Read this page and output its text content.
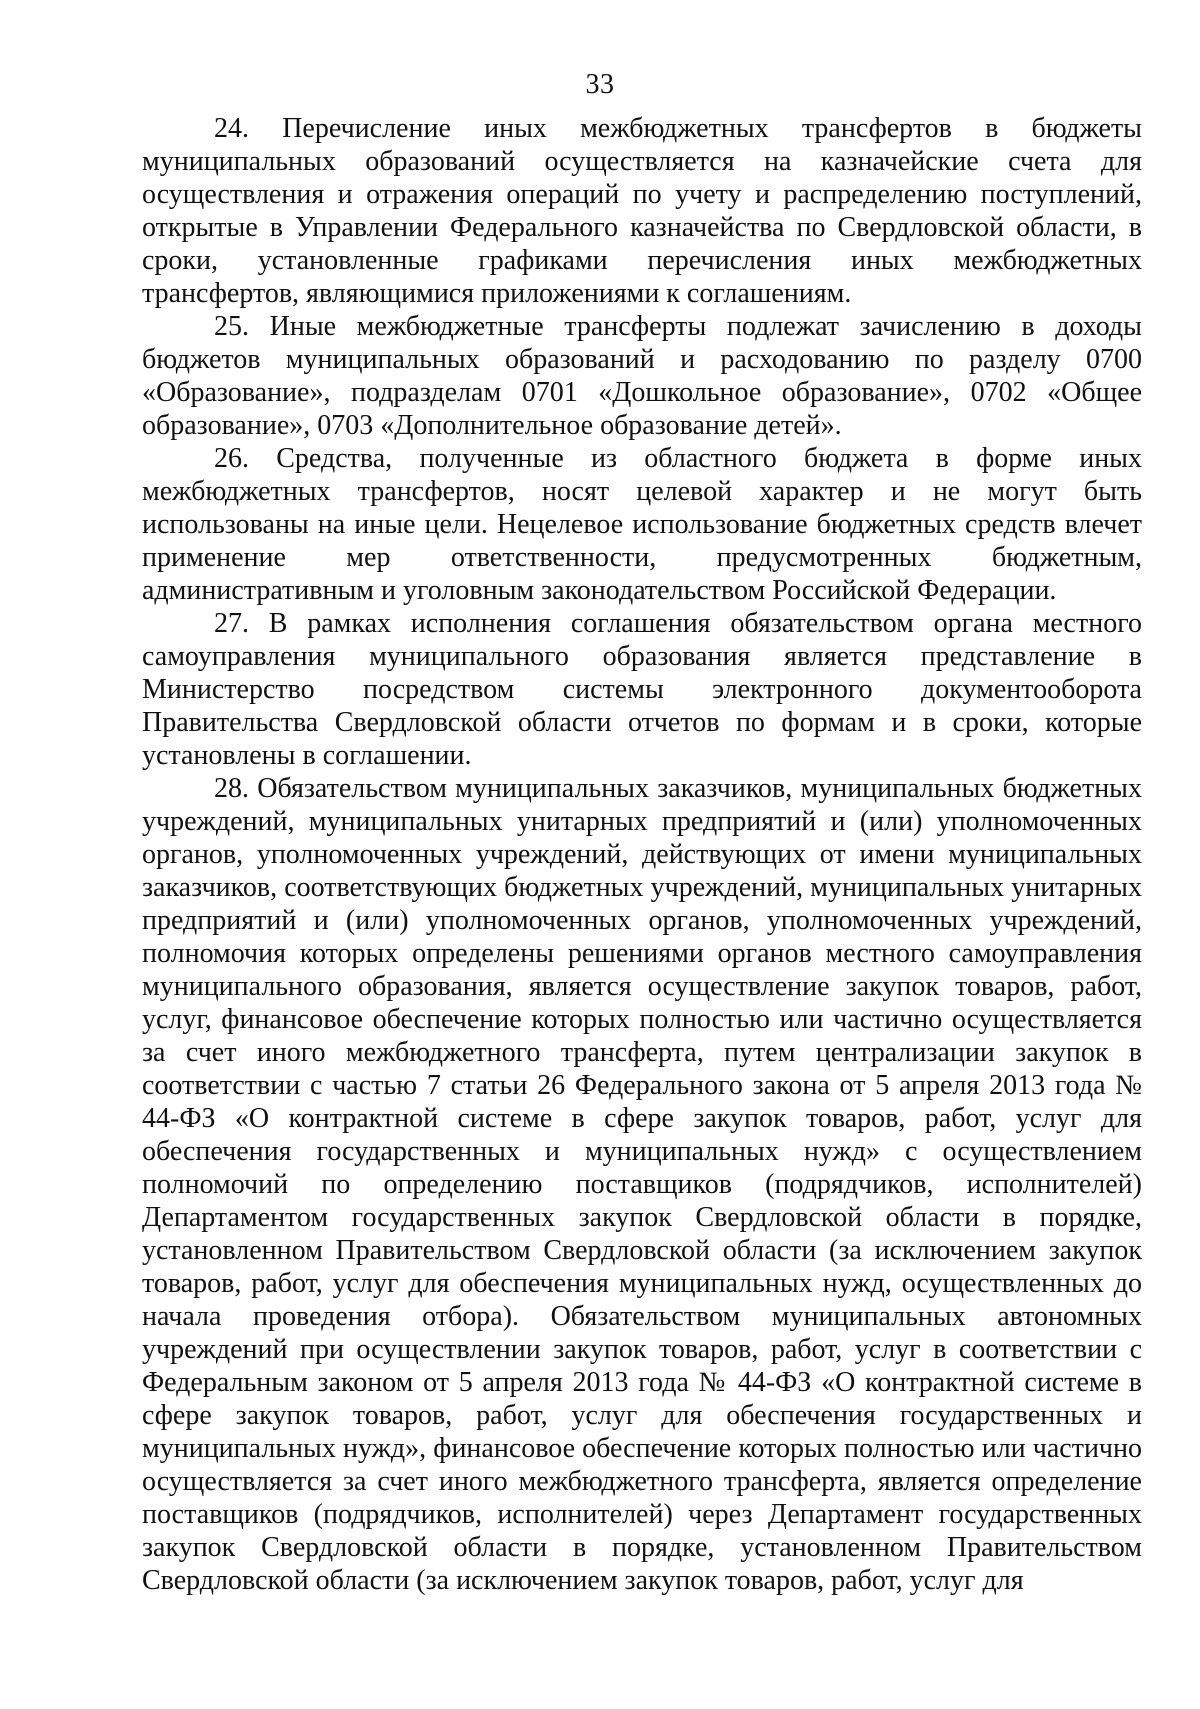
33

24. Перечисление иных межбюджетных трансфертов в бюджеты муниципальных образований осуществляется на казначейские счета для осуществления и отражения операций по учету и распределению поступлений, открытые в Управлении Федерального казначейства по Свердловской области, в сроки, установленные графиками перечисления иных межбюджетных трансфертов, являющимися приложениями к соглашениям.

25. Иные межбюджетные трансферты подлежат зачислению в доходы бюджетов муниципальных образований и расходованию по разделу 0700 «Образование», подразделам 0701 «Дошкольное образование», 0702 «Общее образование», 0703 «Дополнительное образование детей».

26. Средства, полученные из областного бюджета в форме иных межбюджетных трансфертов, носят целевой характер и не могут быть использованы на иные цели. Нецелевое использование бюджетных средств влечет применение мер ответственности, предусмотренных бюджетным, административным и уголовным законодательством Российской Федерации.

27. В рамках исполнения соглашения обязательством органа местного самоуправления муниципального образования является представление в Министерство посредством системы электронного документооборота Правительства Свердловской области отчетов по формам и в сроки, которые установлены в соглашении.

28. Обязательством муниципальных заказчиков, муниципальных бюджетных учреждений, муниципальных унитарных предприятий и (или) уполномоченных органов, уполномоченных учреждений, действующих от имени муниципальных заказчиков, соответствующих бюджетных учреждений, муниципальных унитарных предприятий и (или) уполномоченных органов, уполномоченных учреждений, полномочия которых определены решениями органов местного самоуправления муниципального образования, является осуществление закупок товаров, работ, услуг, финансовое обеспечение которых полностью или частично осуществляется за счет иного межбюджетного трансферта, путем централизации закупок в соответствии с частью 7 статьи 26 Федерального закона от 5 апреля 2013 года № 44-ФЗ «О контрактной системе в сфере закупок товаров, работ, услуг для обеспечения государственных и муниципальных нужд» с осуществлением полномочий по определению поставщиков (подрядчиков, исполнителей) Департаментом государственных закупок Свердловской области в порядке, установленном Правительством Свердловской области (за исключением закупок товаров, работ, услуг для обеспечения муниципальных нужд, осуществленных до начала проведения отбора). Обязательством муниципальных автономных учреждений при осуществлении закупок товаров, работ, услуг в соответствии с Федеральным законом от 5 апреля 2013 года № 44-ФЗ «О контрактной системе в сфере закупок товаров, работ, услуг для обеспечения государственных и муниципальных нужд», финансовое обеспечение которых полностью или частично осуществляется за счет иного межбюджетного трансферта, является определение поставщиков (подрядчиков, исполнителей) через Департамент государственных закупок Свердловской области в порядке, установленном Правительством Свердловской области (за исключением закупок товаров, работ, услуг для
